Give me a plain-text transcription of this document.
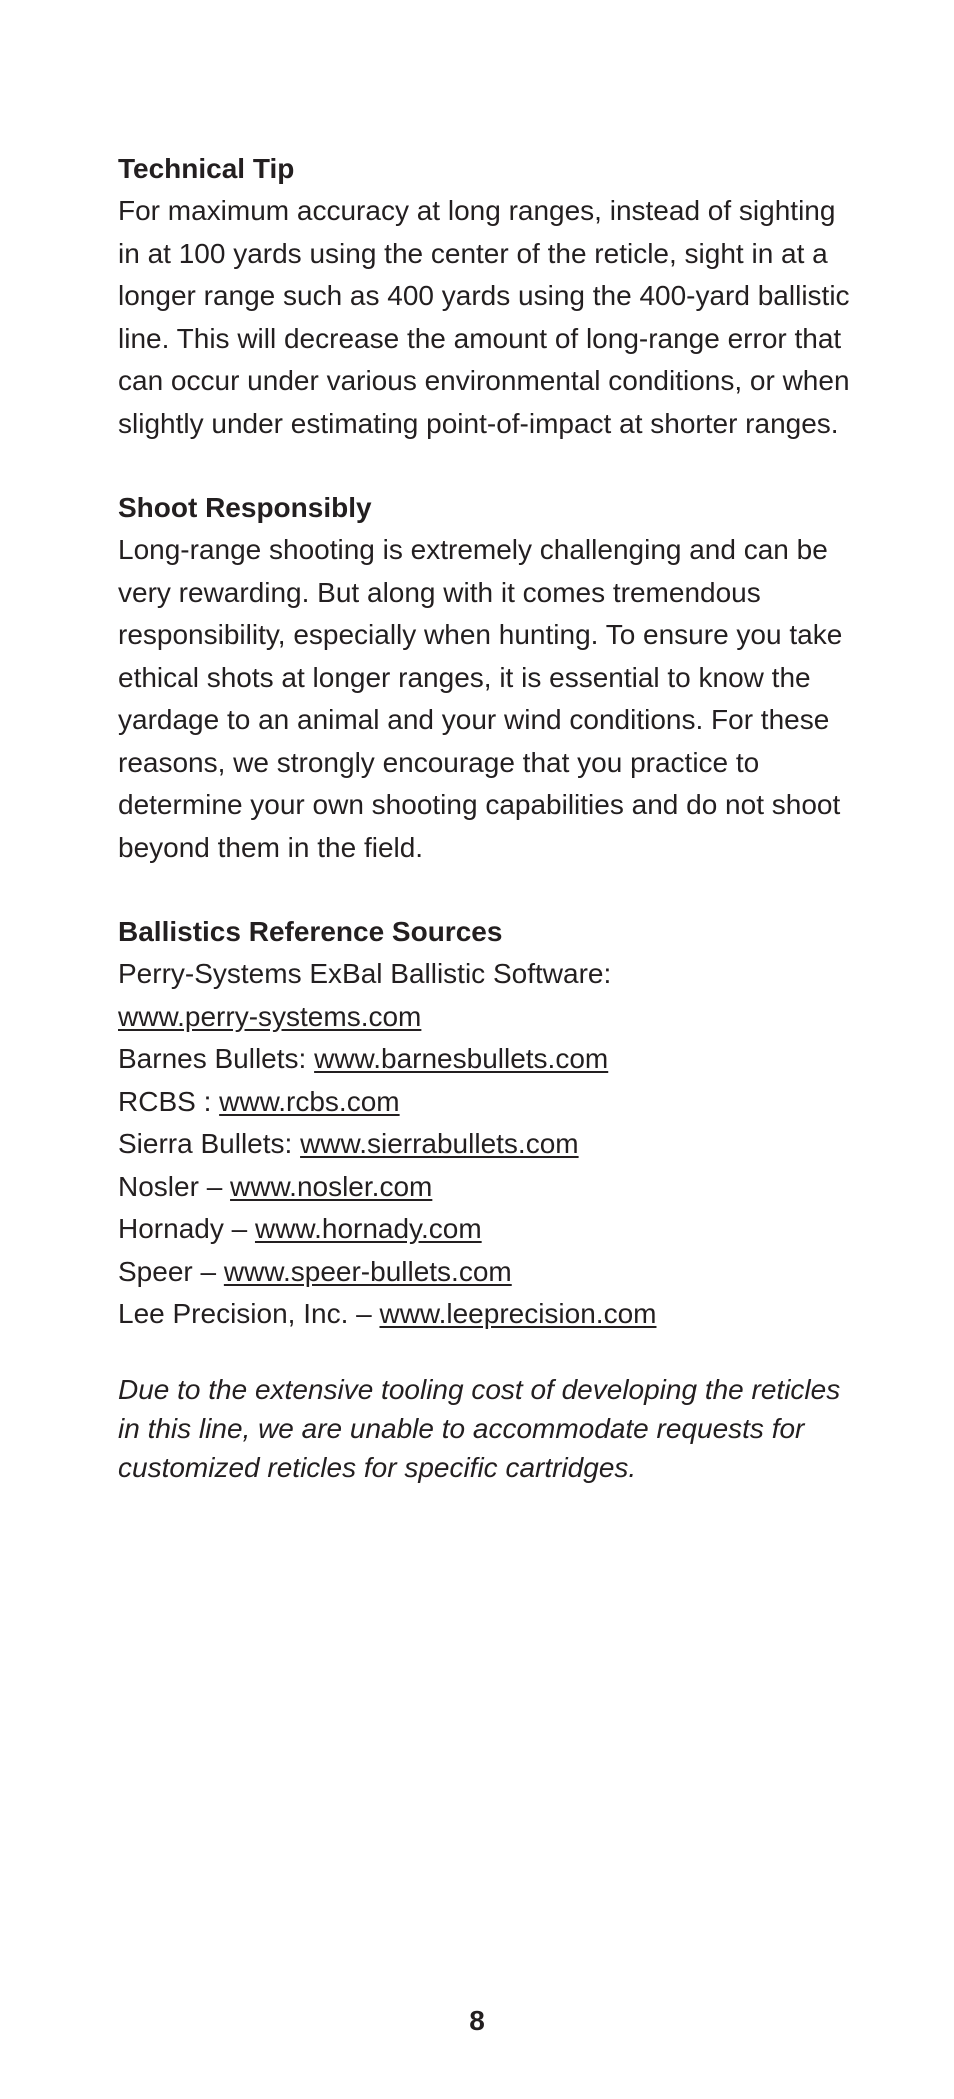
Technical Tip

For maximum accuracy at long ranges, instead of sighting in at 100 yards using the center of the reticle, sight in at a longer range such as 400 yards using the 400-yard ballistic line. This will decrease the amount of long-range error that can occur under various environmental conditions, or when slightly under estimating point-of-impact at shorter ranges.

Shoot Responsibly

Long-range shooting is extremely challenging and can be very rewarding. But along with it comes tremendous responsibility, especially when hunting. To ensure you take ethical shots at longer ranges, it is essential to know the yardage to an animal and your wind conditions. For these reasons, we strongly encourage that you practice to determine your own shooting capabilities and do not shoot beyond them in the field.

Ballistics Reference Sources

Perry-Systems ExBal Ballistic Software:
www.perry-systems.com
Barnes Bullets: www.barnesbullets.com
RCBS : www.rcbs.com
Sierra Bullets: www.sierrabullets.com
Nosler – www.nosler.com
Hornady – www.hornady.com
Speer – www.speer-bullets.com
Lee Precision, Inc. – www.leeprecision.com

Due to the extensive tooling cost of developing the reticles in this line, we are unable to accommodate requests for customized reticles for specific cartridges.

8
